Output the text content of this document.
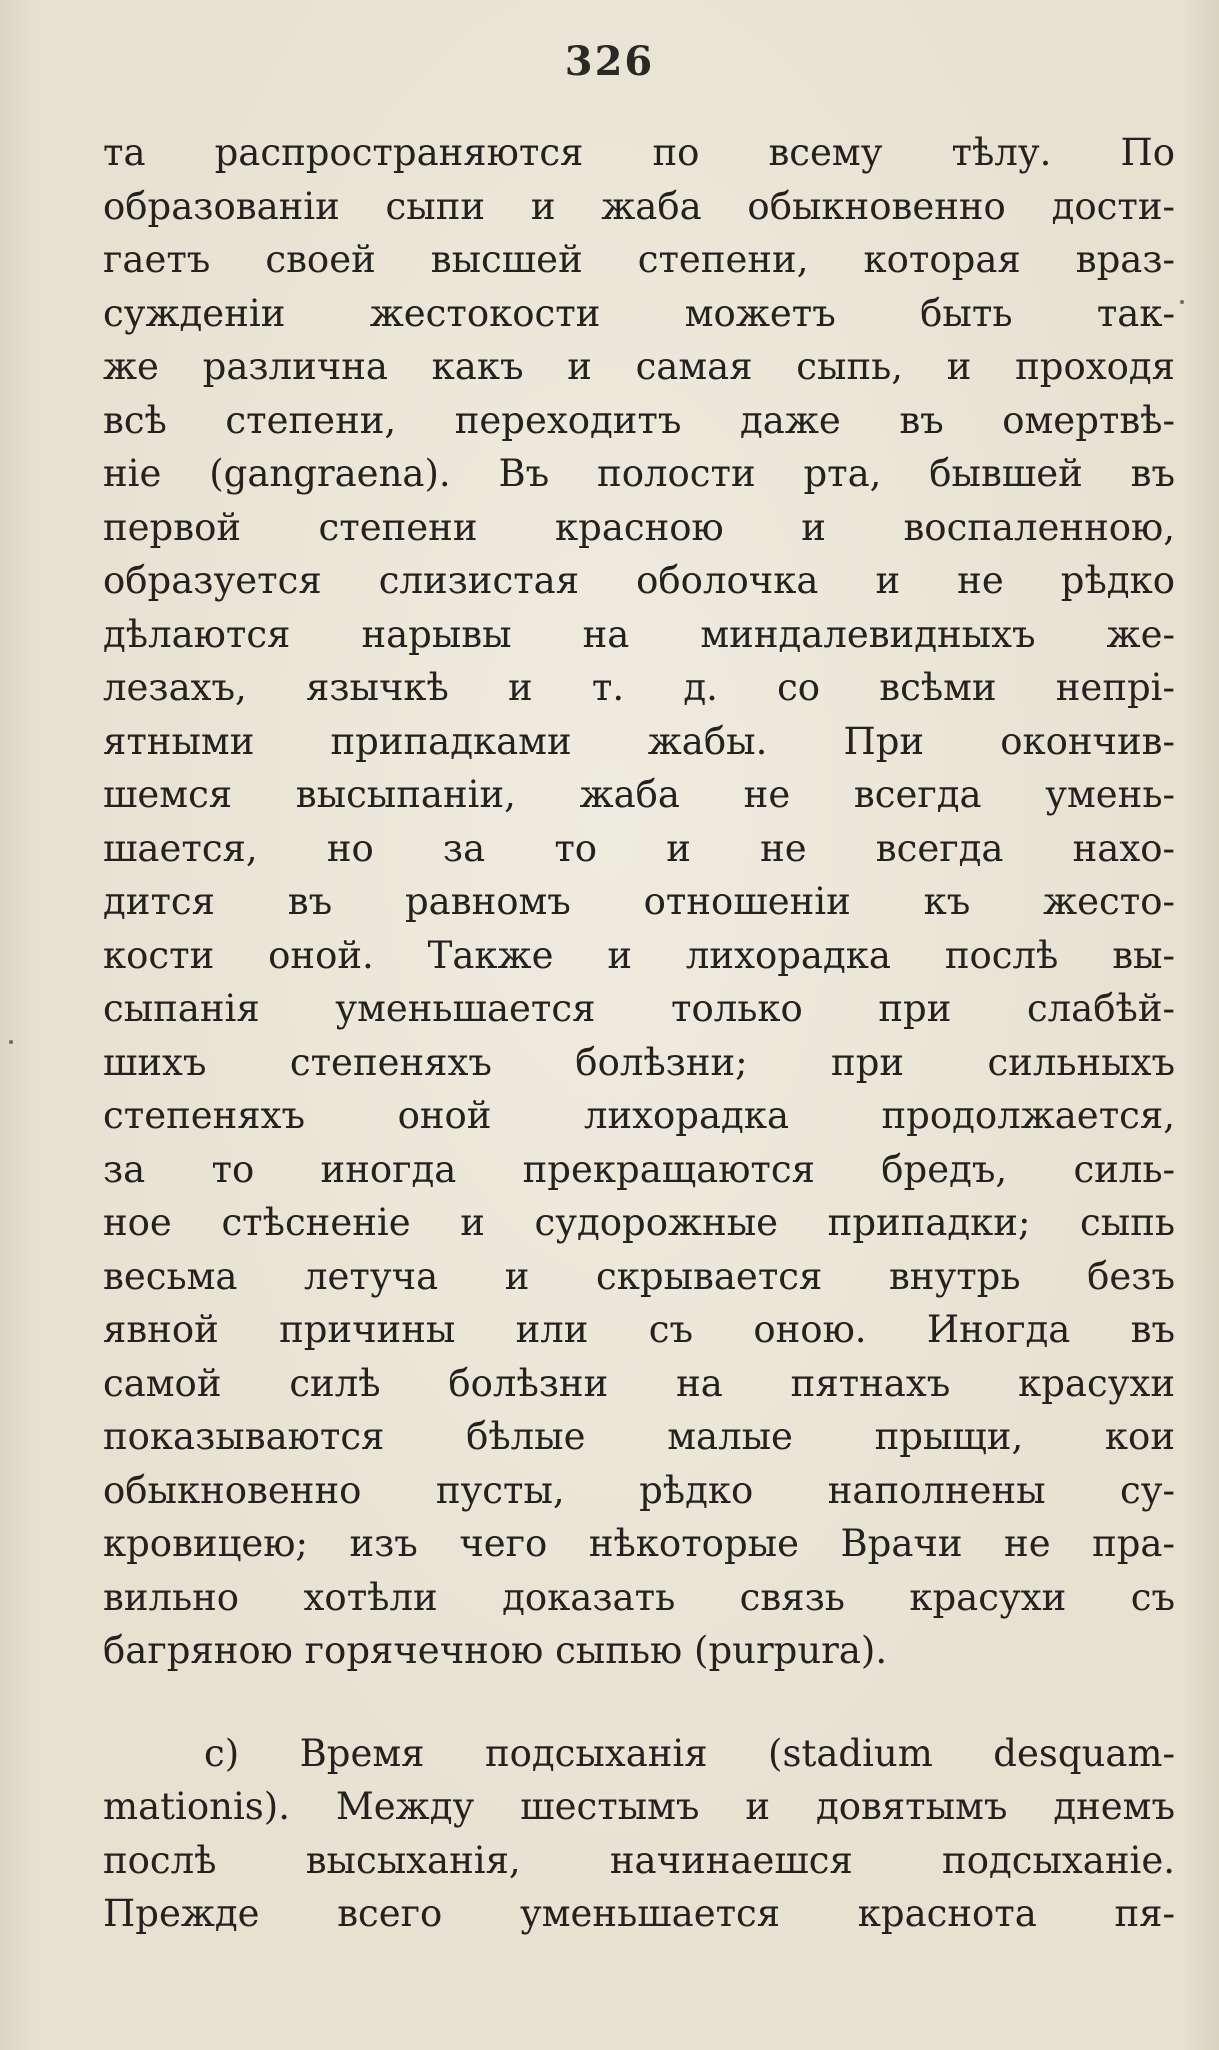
326
та распространяются по всему тѣлу. По
образованіи сыпи и жаба обыкновенно дости-
гаетъ своей высшей степени, которая враз-
сужденіи жестокости можетъ быть так-
же различна какъ и самая сыпь, и проходя
всѣ степени, переходитъ даже въ омертвѣ-
ніе (gangraena). Въ полости рта, бывшей въ
первой степени красною и воспаленною,
образуется слизистая оболочка и не рѣдко
дѣлаются нарывы на миндалевидныхъ же-
лезахъ, язычкѣ и т. д. со всѣми непрі-
ятными припадками жабы. При окончив-
шемся высыпаніи, жаба не всегда умень-
шается, но за то и не всегда нахо-
дится въ равномъ отношеніи къ жесто-
кости оной. Также и лихорадка послѣ вы-
сыпанія уменьшается только при слабѣй-
шихъ степеняхъ болѣзни; при сильныхъ
степеняхъ оной лихорадка продолжается,
за то иногда прекращаются бредъ, силь-
ное стѣсненіе и судорожные припадки; сыпь
весьма летуча и скрывается внутрь безъ
явной причины или съ оною. Иногда въ
самой силѣ болѣзни на пятнахъ красухи
показываются бѣлые малые прыщи, кои
обыкновенно пусты, рѣдко наполнены су-
кровицею; изъ чего нѣкоторые Врачи не пра-
вильно хотѣли доказать связь красухи съ
багряною горячечною сыпью (purpura).
c) Время подсыханія (stadium desquam-
mationis). Между шестымъ и довятымъ днемъ
послѣ высыханія, начинаешся подсыханіе.
Прежде всего уменьшается краснота пя-
